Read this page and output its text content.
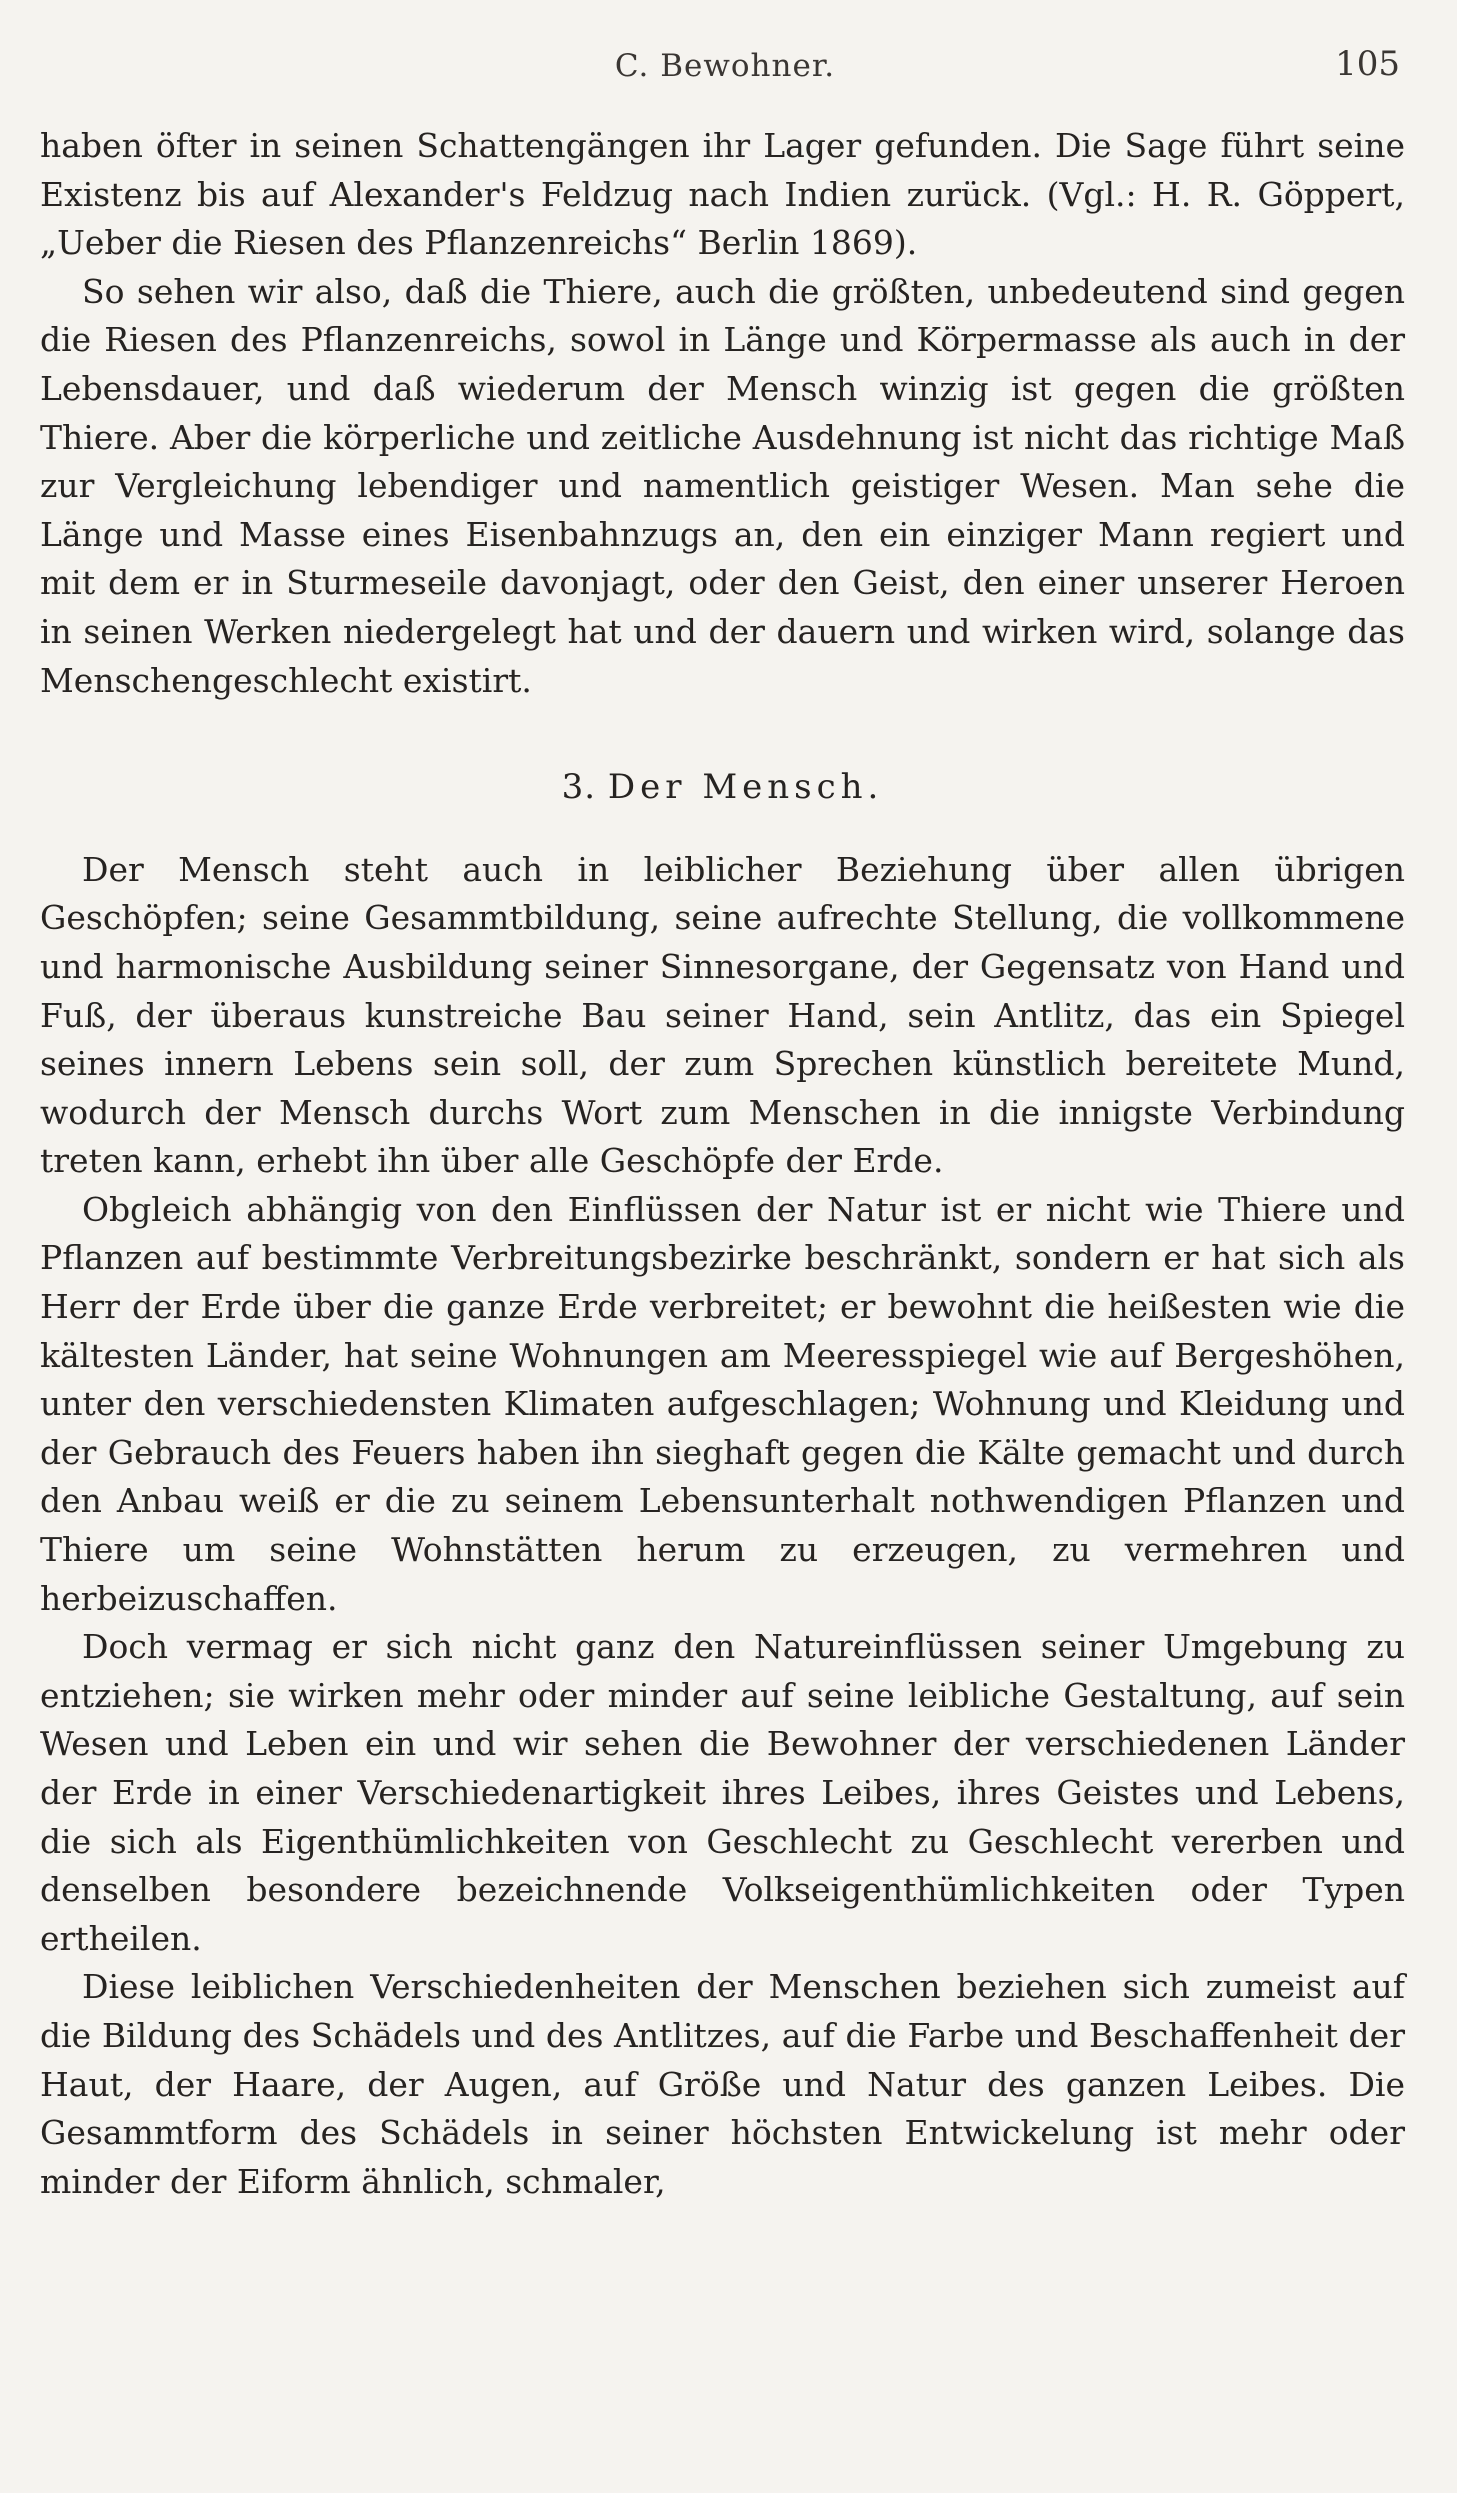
C. Bewohner.	105

haben öfter in seinen Schattengängen ihr Lager gefunden. Die Sage führt seine Existenz bis auf Alexander's Feldzug nach Indien zurück. (Vgl.: H. R. Göppert, „Ueber die Riesen des Pflanzenreichs“ Berlin 1869).

So sehen wir also, daß die Thiere, auch die größten, unbedeutend sind gegen die Riesen des Pflanzenreichs, sowol in Länge und Körpermasse als auch in der Lebensdauer, und daß wiederum der Mensch winzig ist gegen die größten Thiere. Aber die körperliche und zeitliche Ausdehnung ist nicht das richtige Maß zur Vergleichung lebendiger und namentlich geistiger Wesen. Man sehe die Länge und Masse eines Eisenbahnzugs an, den ein einziger Mann regiert und mit dem er in Sturmeseile davonjagt, oder den Geist, den einer unserer Heroen in seinen Werken niedergelegt hat und der dauern und wirken wird, solange das Menschengeschlecht existirt.

3. Der Mensch.

Der Mensch steht auch in leiblicher Beziehung über allen übrigen Geschöpfen; seine Gesammtbildung, seine aufrechte Stellung, die vollkommene und harmonische Ausbildung seiner Sinnesorgane, der Gegensatz von Hand und Fuß, der überaus kunstreiche Bau seiner Hand, sein Antlitz, das ein Spiegel seines innern Lebens sein soll, der zum Sprechen künstlich bereitete Mund, wodurch der Mensch durchs Wort zum Menschen in die innigste Verbindung treten kann, erhebt ihn über alle Geschöpfe der Erde.

Obgleich abhängig von den Einflüssen der Natur ist er nicht wie Thiere und Pflanzen auf bestimmte Verbreitungsbezirke beschränkt, sondern er hat sich als Herr der Erde über die ganze Erde verbreitet; er bewohnt die heißesten wie die kältesten Länder, hat seine Wohnungen am Meeresspiegel wie auf Bergeshöhen, unter den verschiedensten Klimaten aufgeschlagen; Wohnung und Kleidung und der Gebrauch des Feuers haben ihn sieghaft gegen die Kälte gemacht und durch den Anbau weiß er die zu seinem Lebensunterhalt nothwendigen Pflanzen und Thiere um seine Wohnstätten herum zu erzeugen, zu vermehren und herbeizuschaffen.

Doch vermag er sich nicht ganz den Natureinflüssen seiner Umgebung zu entziehen; sie wirken mehr oder minder auf seine leibliche Gestaltung, auf sein Wesen und Leben ein und wir sehen die Bewohner der verschiedenen Länder der Erde in einer Verschiedenartigkeit ihres Leibes, ihres Geistes und Lebens, die sich als Eigenthümlichkeiten von Geschlecht zu Geschlecht vererben und denselben besondere bezeichnende Volkseigenthümlichkeiten oder Typen ertheilen.

Diese leiblichen Verschiedenheiten der Menschen beziehen sich zumeist auf die Bildung des Schädels und des Antlitzes, auf die Farbe und Beschaffenheit der Haut, der Haare, der Augen, auf Größe und Natur des ganzen Leibes. Die Gesammtform des Schädels in seiner höchsten Entwickelung ist mehr oder minder der Eiform ähnlich, schmaler,
